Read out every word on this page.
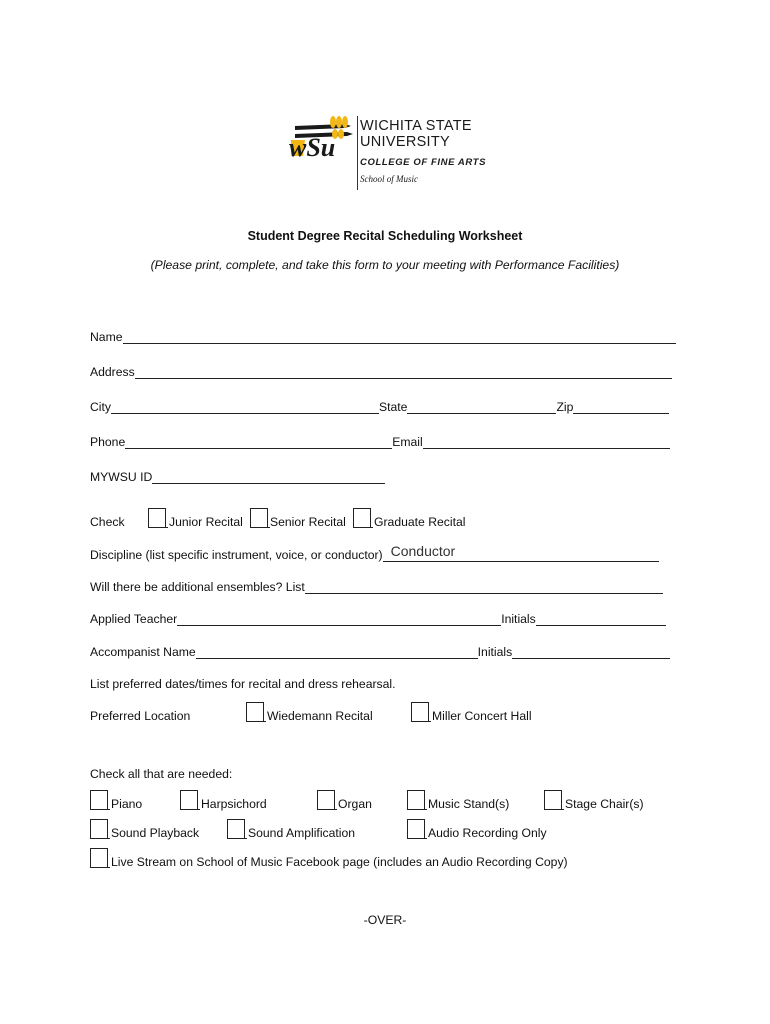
wSu
WICHITA STATE
UNIVERSITY
COLLEGE OF FINE ARTS
School of Music
Student Degree Recital Scheduling Worksheet
(Please print, complete, and take this form to your meeting with Performance Facilities)
Name
Address
City	State	Zip
Phone	Email
MYWSU ID
Check	Junior Recital Senior Recital Graduate Recital
Discipline (list specific instrument, voice, or conductor) Conductor
Will there be additional ensembles? List
Applied Teacher	Initials
Accompanist Name	Initials
List preferred dates/times for recital and dress rehearsal.
Preferred Location	Wiedemann Recital	Miller Concert Hall
Check all that are needed:
Piano	Harpsichord	Organ	Music Stand(s)	Stage Chair(s)
Sound Playback	Sound Amplification	Audio Recording Only
Live Stream on School of Music Facebook page (includes an Audio Recording Copy)
-OVER-
